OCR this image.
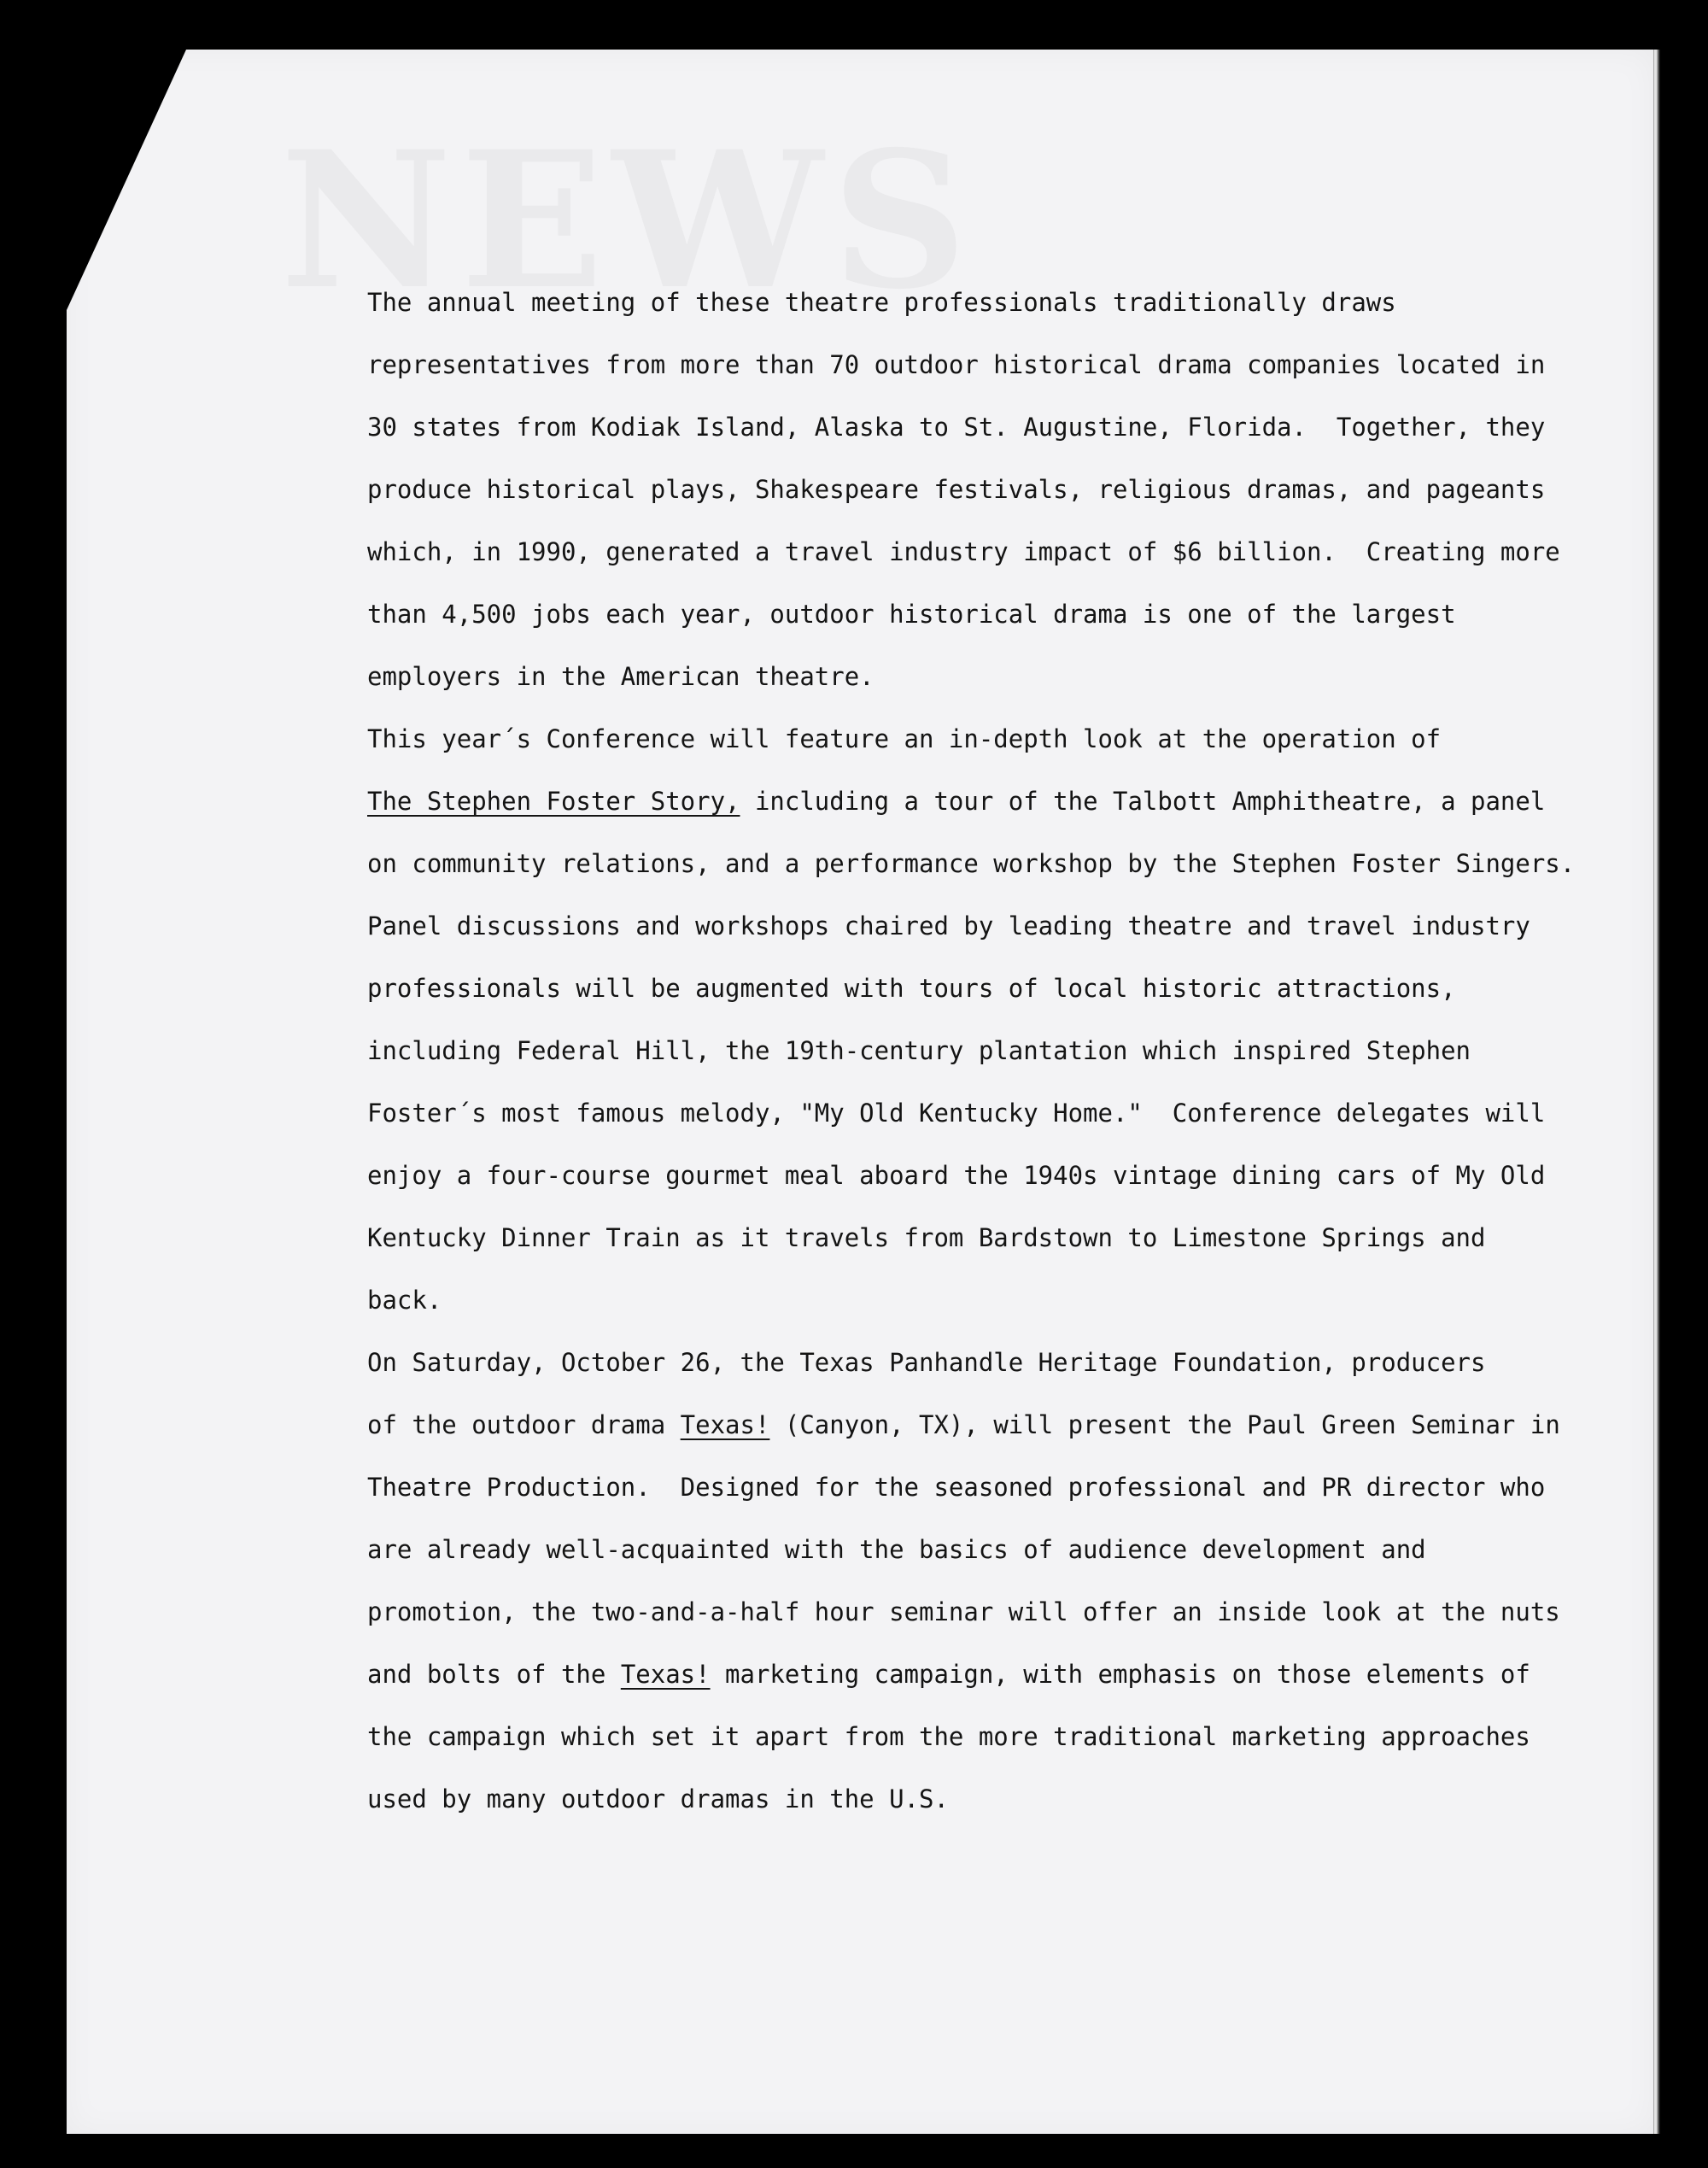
The annual meeting of these theatre professionals traditionally draws
representatives from more than 70 outdoor historical drama companies located in
30 states from Kodiak Island, Alaska to St. Augustine, Florida.  Together, they
produce historical plays, Shakespeare festivals, religious dramas, and pageants
which, in 1990, generated a travel industry impact of $6 billion.  Creating more
than 4,500 jobs each year, outdoor historical drama is one of the largest
employers in the American theatre.

This year´s Conference will feature an in-depth look at the operation of
The Stephen Foster Story, including a tour of the Talbott Amphitheatre, a panel
on community relations, and a performance workshop by the Stephen Foster Singers.
Panel discussions and workshops chaired by leading theatre and travel industry
professionals will be augmented with tours of local historic attractions,
including Federal Hill, the 19th-century plantation which inspired Stephen
Foster´s most famous melody, "My Old Kentucky Home."  Conference delegates will
enjoy a four-course gourmet meal aboard the 1940s vintage dining cars of My Old
Kentucky Dinner Train as it travels from Bardstown to Limestone Springs and
back.

On Saturday, October 26, the Texas Panhandle Heritage Foundation, producers
of the outdoor drama Texas! (Canyon, TX), will present the Paul Green Seminar in
Theatre Production.  Designed for the seasoned professional and PR director who
are already well-acquainted with the basics of audience development and
promotion, the two-and-a-half hour seminar will offer an inside look at the nuts
and bolts of the Texas! marketing campaign, with emphasis on those elements of
the campaign which set it apart from the more traditional marketing approaches
used by many outdoor dramas in the U.S.
